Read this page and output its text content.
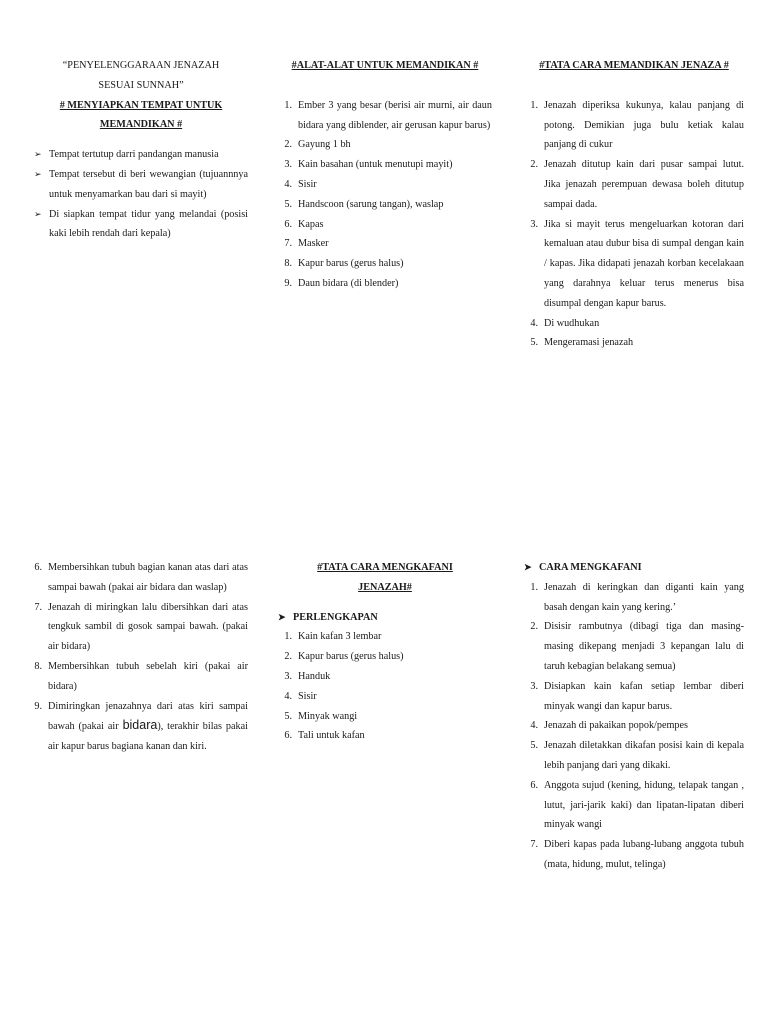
“PENYELENGGARAAN JENAZAH
SESUAI SUNNAH”
# MENYIAPKAN TEMPAT UNTUK
MEMANDIKAN #
➢ Tempat tertutup darri pandangan manusia
➢ Tempat tersebut di beri wewangian (tujuannnya untuk menyamarkan bau dari si mayit)
➢ Di siapkan tempat tidur yang melandai (posisi kaki lebih rendah dari kepala)
#ALAT-ALAT UNTUK MEMANDIKAN #
1. Ember 3 yang besar (berisi air murni, air daun bidara yang diblender, air gerusan kapur barus)
2. Gayung 1 bh
3. Kain basahan (untuk menutupi mayit)
4. Sisir
5. Handscoon (sarung tangan), waslap
6. Kapas
7. Masker
8. Kapur barus (gerus halus)
9. Daun bidara (di blender)
#TATA CARA MEMANDIKAN JENAZA #
1. Jenazah diperiksa kukunya, kalau panjang di potong. Demikian juga bulu ketiak kalau panjang di cukur
2. Jenazah ditutup kain dari pusar sampai lutut. Jika jenazah perempuan dewasa boleh ditutup sampai dada.
3. Jika si mayit terus mengeluarkan kotoran dari kemaluan atau dubur bisa di sumpal dengan kain / kapas. Jika didapati jenazah korban kecelakaan yang darahnya keluar terus menerus bisa disumpal dengan kapur barus.
4. Di wudhukan
5. Mengeramasi jenazah
6. Membersihkan tubuh bagian kanan atas dari atas sampai bawah (pakai air bidara dan waslap)
7. Jenazah di miringkan lalu dibersihkan dari atas tengkuk sambil di gosok sampai bawah. (pakai air bidara)
8. Membersihkan tubuh sebelah kiri (pakai air bidara)
9. Dimiringkan jenazahnya dari atas kiri sampai bawah (pakai air bidara), terakhir bilas pakai air kapur barus bagiana kanan dan kiri.
#TATA CARA MENGKAFANI
JENAZAH#
➤ PERLENGKAPAN
1. Kain kafan 3 lembar
2. Kapur barus (gerus halus)
3. Handuk
4. Sisir
5. Minyak wangi
6. Tali untuk kafan
➤ CARA MENGKAFANI
1. Jenazah di keringkan dan diganti kain yang basah dengan kain yang kering.’
2. Disisir rambutnya (dibagi tiga dan masing-masing dikepang menjadi 3 kepangan lalu di taruh kebagian belakang semua)
3. Disiapkan kain kafan setiap lembar diberi minyak wangi dan kapur barus.
4. Jenazah di pakaikan popok/pempes
5. Jenazah diletakkan dikafan posisi kain di kepala lebih panjang dari yang dikaki.
6. Anggota sujud (kening, hidung, telapak tangan , lutut, jari-jarik kaki) dan lipatan-lipatan diberi minyak wangi
7. Diberi kapas pada lubang-lubang anggota tubuh (mata, hidung, mulut, telinga)
